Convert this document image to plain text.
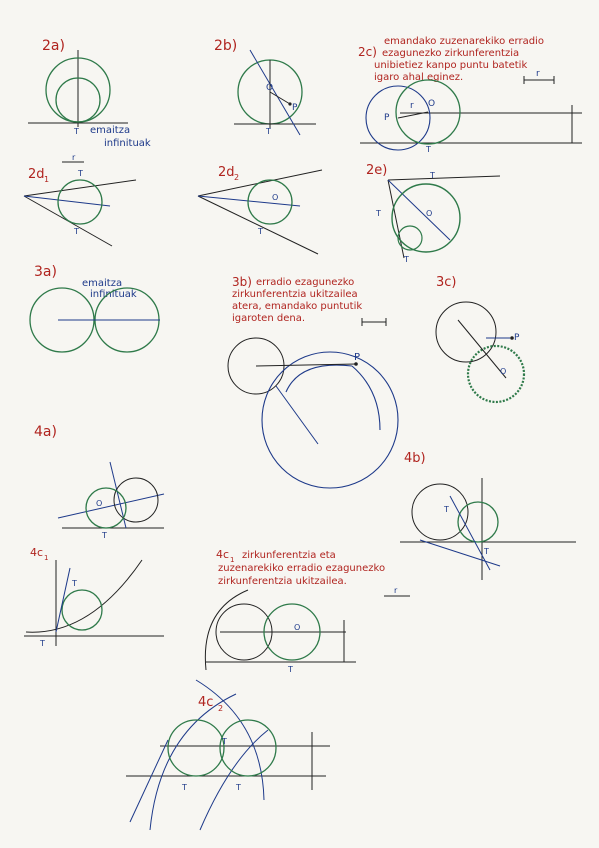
2a)
T emaitza
infinituak
2b)
O
P
T
2c)
emandako zuzenarekiko erradio
ezagunezko zirkunferentzia
unibietiez kanpo puntu batetik
igaro ahal eginez.	r
P
O
r
T
2d 1
r
T
T
2d 2
O
T
2e)
O
T
T
T
3a)
emaitza
infinituak
3b) erradio ezagunezko
zirkunferentzia ukitzailea
atera, emandako puntutik
igaroten dena.
P
3c)
P
O
4a)
O
T
4b)
T
T
4c 1
T
T
4c 1 zirkunferentzia eta
zuzenarekiko erradio ezagunezko
zirkunferentzia ukitzailea.
r
O
T
4c 2
T
T
T
